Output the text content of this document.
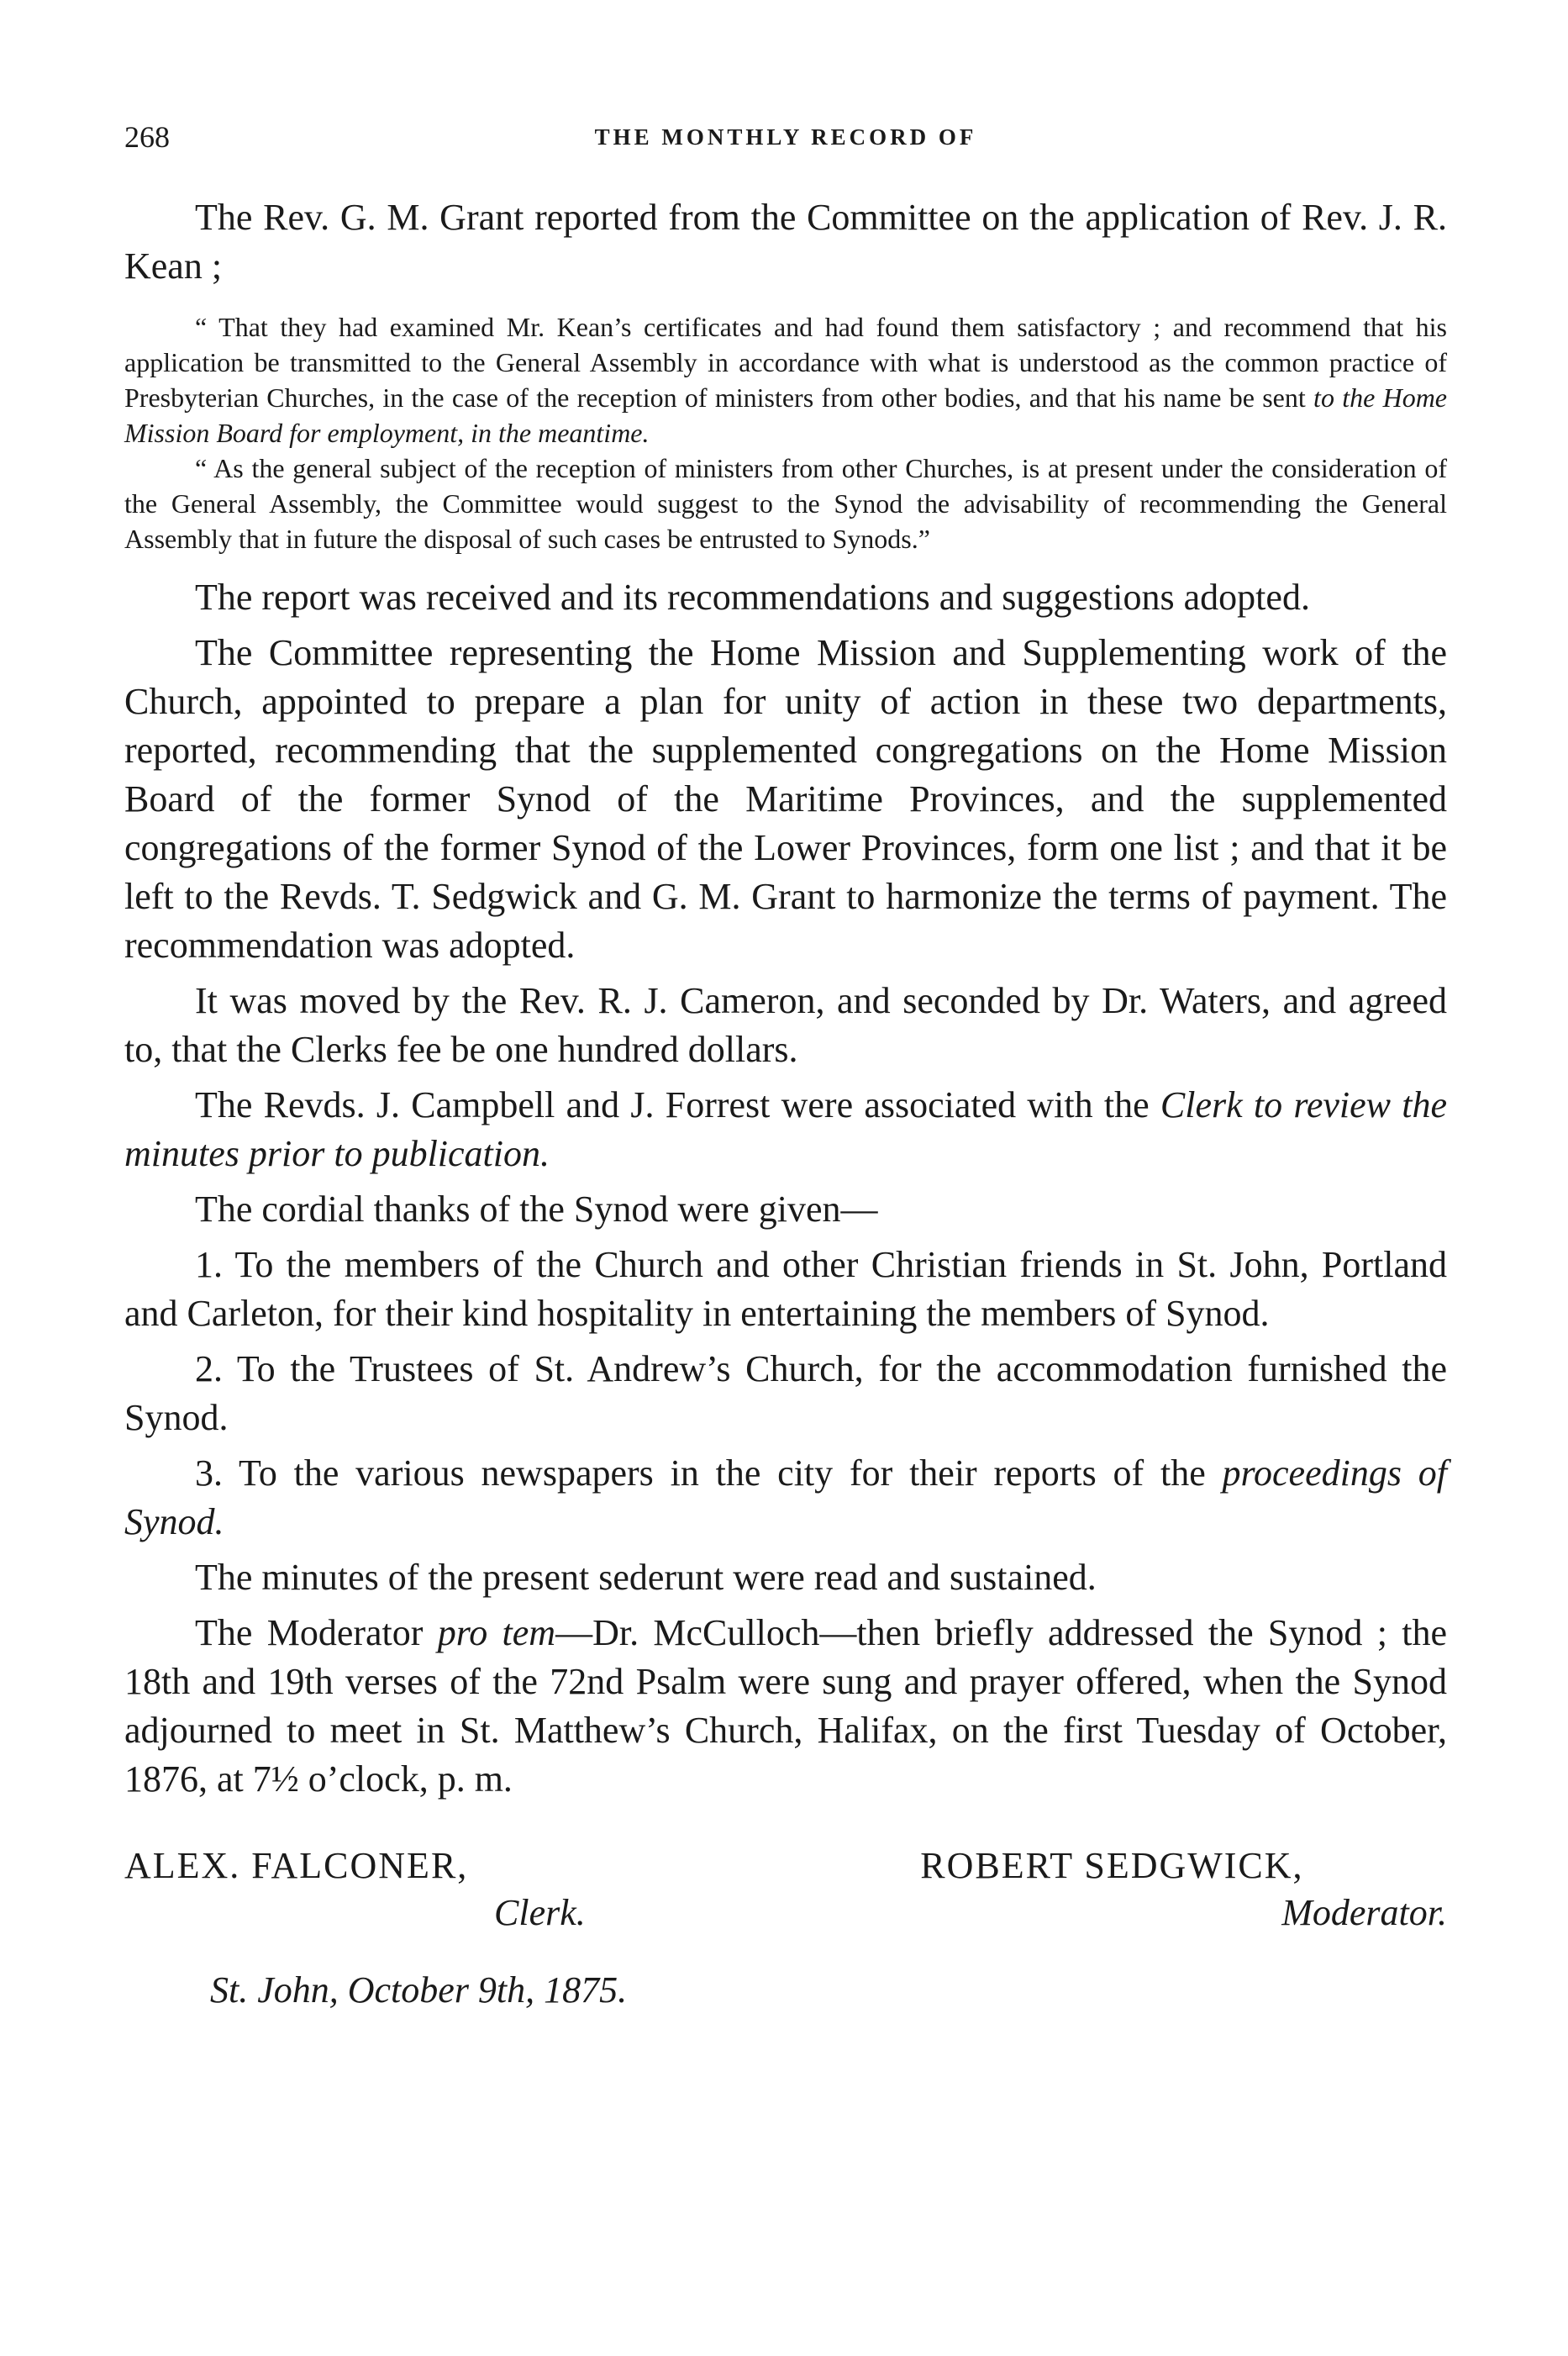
268	THE MONTHLY RECORD OF

The Rev. G. M. Grant reported from the Committee on the application of Rev. J. R. Kean ;

“ That they had examined Mr. Kean’s certificates and had found them satisfactory ; and recommend that his application be transmitted to the General Assembly in accordance with what is understood as the common practice of Presbyterian Churches, in the case of the reception of ministers from other bodies, and that his name be sent to the Home Mission Board for employment, in the meantime.

“ As the general subject of the reception of ministers from other Churches, is at present under the consideration of the General Assembly, the Committee would suggest to the Synod the advisability of recommending the General Assembly that in future the disposal of such cases be entrusted to Synods.”

The report was received and its recommendations and suggestions adopted.

The Committee representing the Home Mission and Supplementing work of the Church, appointed to prepare a plan for unity of action in these two departments, reported, recommending that the supplemented congregations on the Home Mission Board of the former Synod of the Maritime Provinces, and the supplemented congregations of the former Synod of the Lower Provinces, form one list ; and that it be left to the Revds. T. Sedgwick and G. M. Grant to harmonize the terms of payment. The recommendation was adopted.

It was moved by the Rev. R. J. Cameron, and seconded by Dr. Waters, and agreed to, that the Clerks fee be one hundred dollars.

The Revds. J. Campbell and J. Forrest were associated with the Clerk to review the minutes prior to publication.

The cordial thanks of the Synod were given—

1. To the members of the Church and other Christian friends in St. John, Portland and Carleton, for their kind hospitality in entertaining the members of Synod.

2. To the Trustees of St. Andrew’s Church, for the accommodation furnished the Synod.

3. To the various newspapers in the city for their reports of the proceedings of Synod.

The minutes of the present sederunt were read and sustained.

The Moderator pro tem—Dr. McCulloch—then briefly addressed the Synod ; the 18th and 19th verses of the 72nd Psalm were sung and prayer offered, when the Synod adjourned to meet in St. Matthew’s Church, Halifax, on the first Tuesday of October, 1876, at 7½ o’clock, p. m.

ALEX. FALCONER,
Clerk.
ROBERT SEDGWICK,
Moderator.
St. John, October 9th, 1875.
